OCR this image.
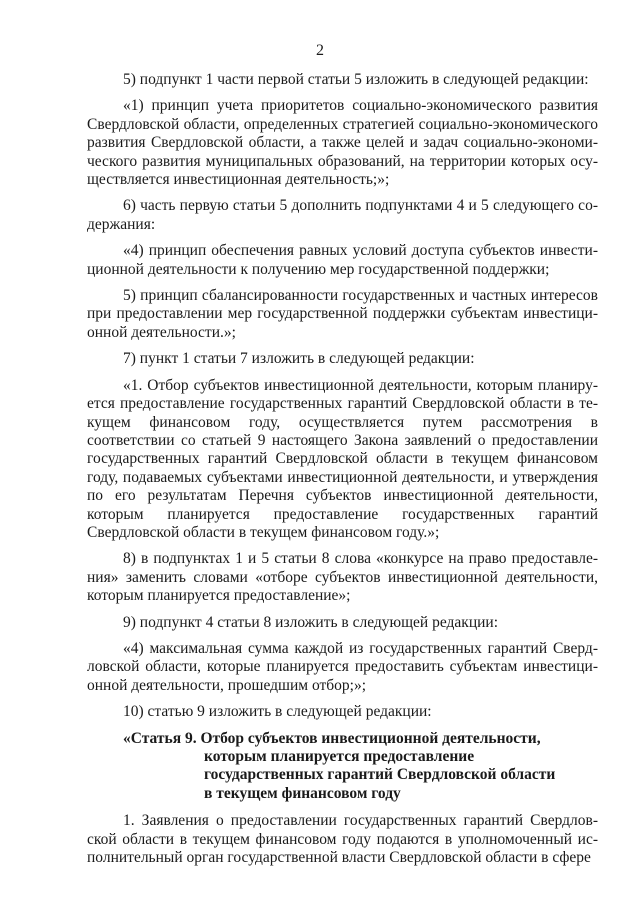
2

5) подпункт 1 части первой статьи 5 изложить в следующей редакции:

«1) принцип учета приоритетов социально-экономического развития Свердловской области, определенных стратегией социально-экономического развития Свердловской области, а также целей и задач социально-экономического развития муниципальных образований, на территории которых осуществляется инвестиционная деятельность;»;

6) часть первую статьи 5 дополнить подпунктами 4 и 5 следующего содержания:

«4) принцип обеспечения равных условий доступа субъектов инвестиционной деятельности к получению мер государственной поддержки;

5) принцип сбалансированности государственных и частных интересов при предоставлении мер государственной поддержки субъектам инвестиционной деятельности.»;

7) пункт 1 статьи 7 изложить в следующей редакции:

«1. Отбор субъектов инвестиционной деятельности, которым планируется предоставление государственных гарантий Свердловской области в текущем финансовом году, осуществляется путем рассмотрения в соответствии со статьей 9 настоящего Закона заявлений о предоставлении государственных гарантий Свердловской области в текущем финансовом году, подаваемых субъектами инвестиционной деятельности, и утверждения по его результатам Перечня субъектов инвестиционной деятельности, которым планируется предоставление государственных гарантий Свердловской области в текущем финансовом году.»;

8) в подпунктах 1 и 5 статьи 8 слова «конкурсе на право предоставления» заменить словами «отборе субъектов инвестиционной деятельности, которым планируется предоставление»;

9) подпункт 4 статьи 8 изложить в следующей редакции:

«4) максимальная сумма каждой из государственных гарантий Свердловской области, которые планируется предоставить субъектам инвестиционной деятельности, прошедшим отбор;»;

10) статью 9 изложить в следующей редакции:

«Статья 9. Отбор субъектов инвестиционной деятельности,
которым планируется предоставление
государственных гарантий Свердловской области
в текущем финансовом году

1. Заявления о предоставлении государственных гарантий Свердловской области в текущем финансовом году подаются в уполномоченный исполнительный орган государственной власти Свердловской области в сфере
